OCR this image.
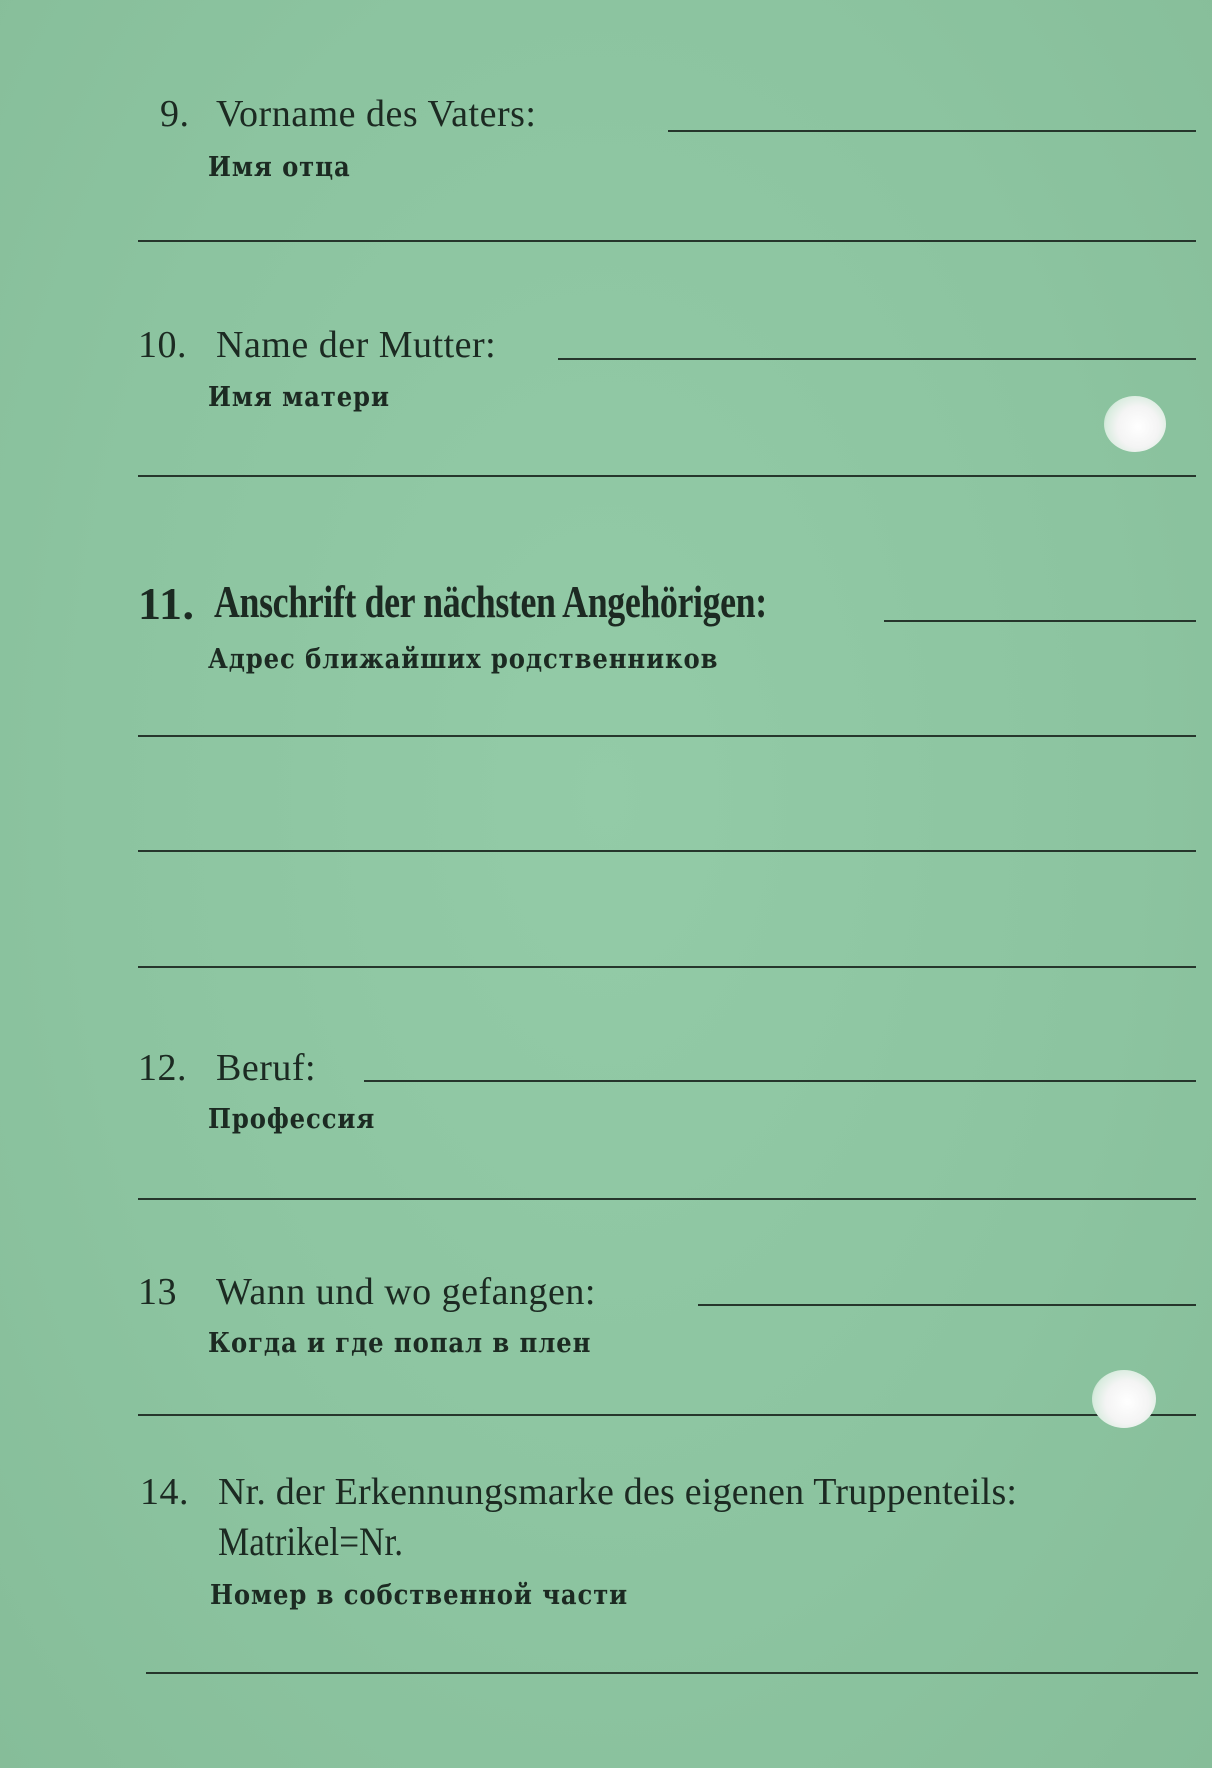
9. Vorname des Vaters:
Имя отца
10. Name der Mutter:
Имя матери
11. Anschrift der nächsten Angehörigen:
Адрес ближайших родственников
12. Beruf:
Профессия
13 Wann und wo gefangen:
Когда и где попал в плен
14. Nr. der Erkennungsmarke des eigenen Truppenteils:
Matrikel=Nr.
Номер в собственной части
